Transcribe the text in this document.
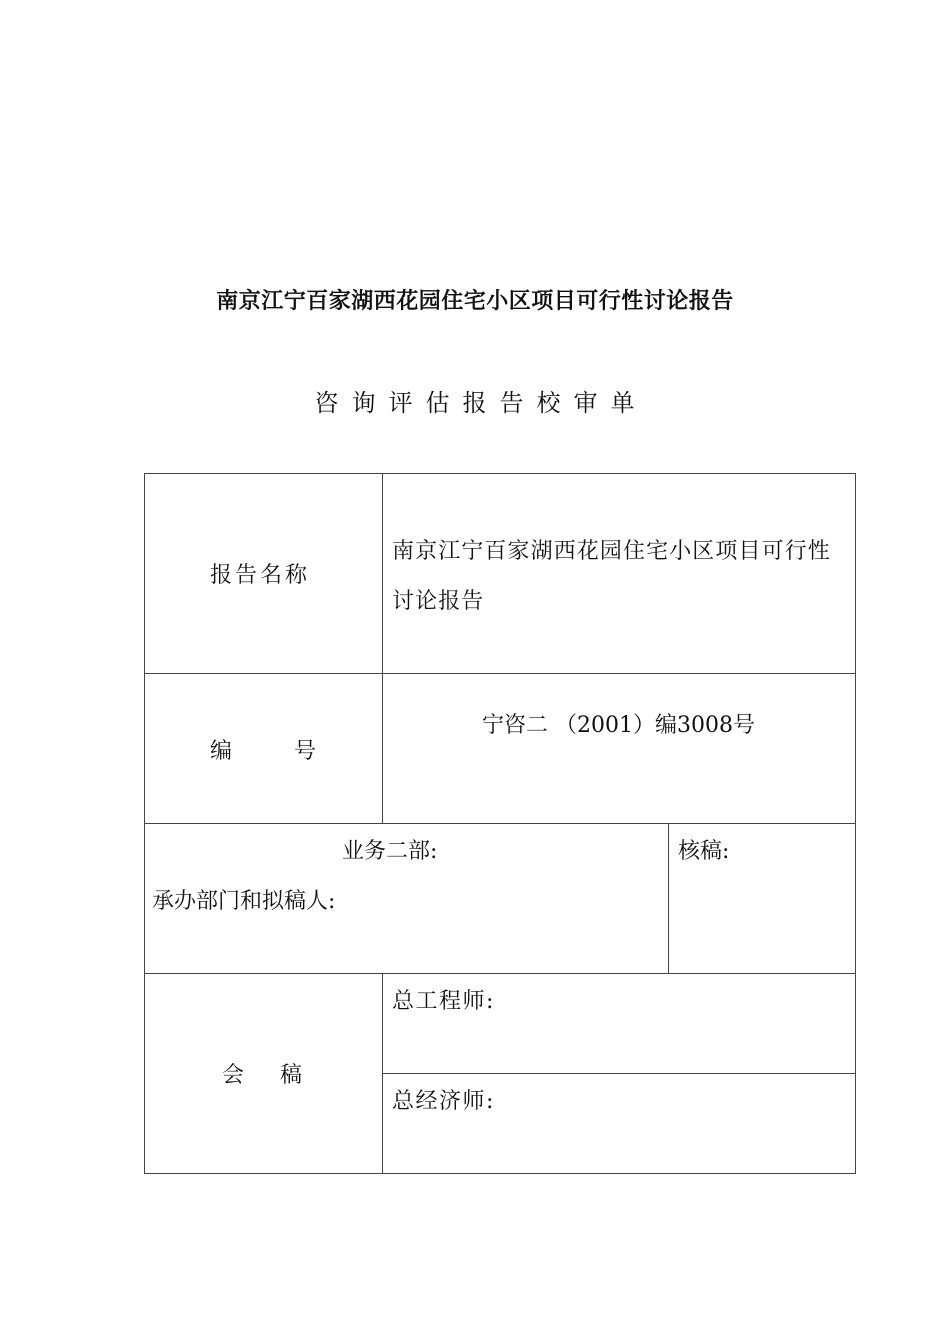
南京江宁百家湖西花园住宅小区项目可行性讨论报告
咨询评估报告校审单
报告名称
南京江宁百家湖西花园住宅小区项目可行性
讨论报告
编	号
宁咨二 （2001）编3008号
业务二部:
承办部门和拟稿人:
核稿:
会 稿
总工程师:
总经济师:
